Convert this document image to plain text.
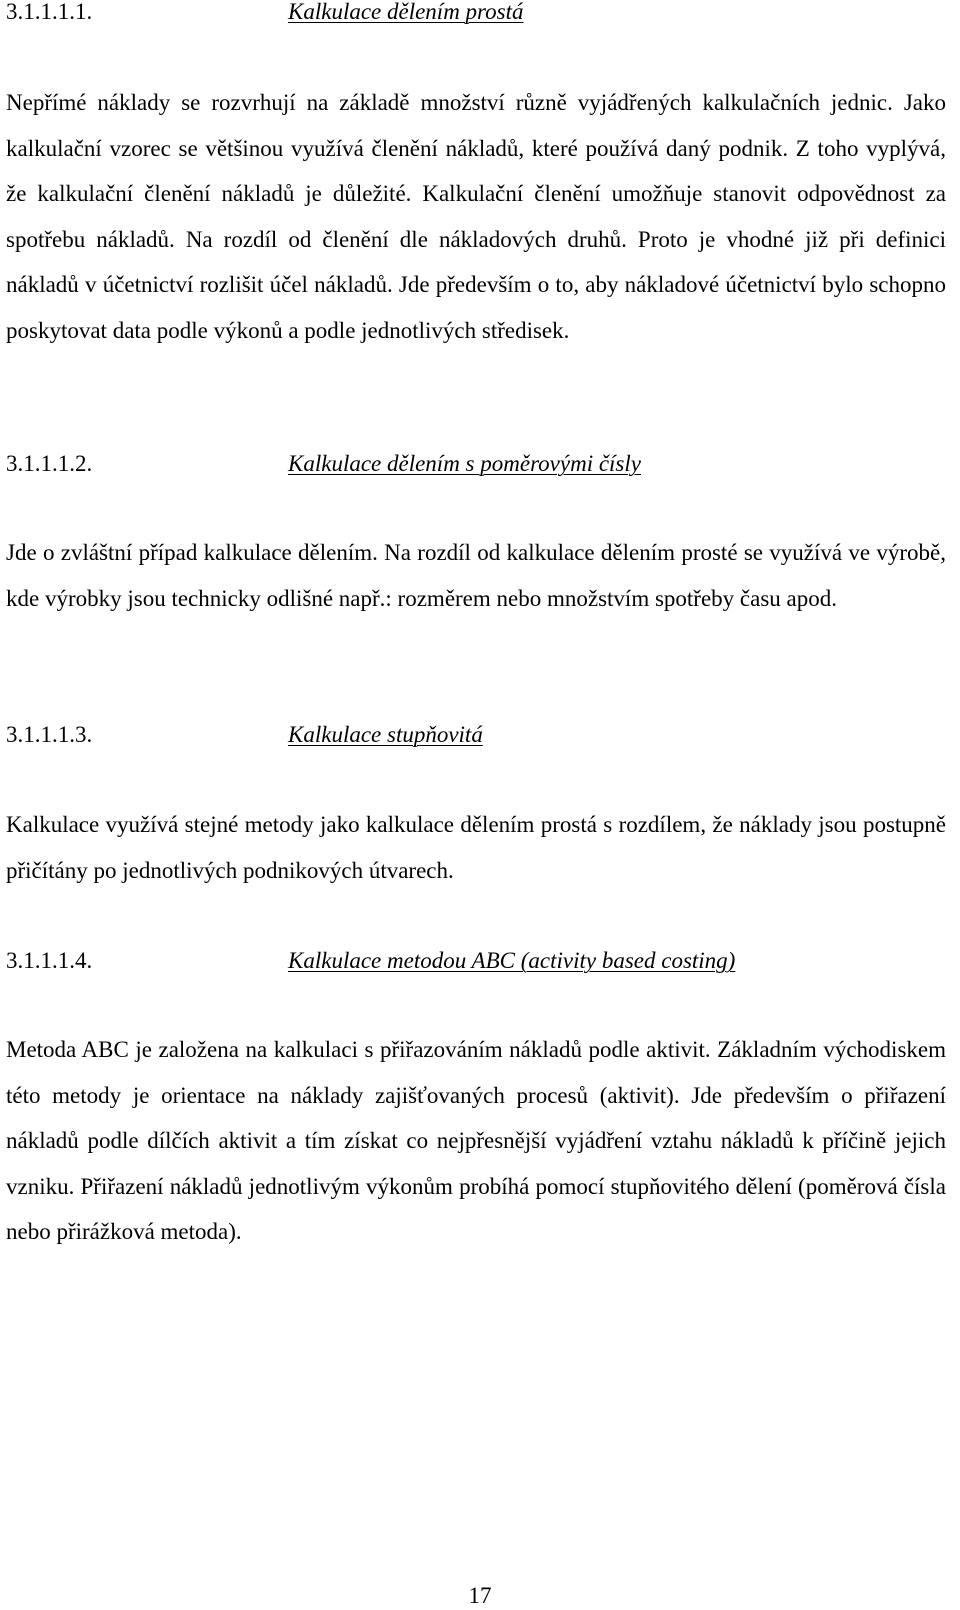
3.1.1.1.1.	Kalkulace dělením prostá

Nepřímé náklady se rozvrhují na základě množství různě vyjádřených kalkulačních jednic. Jako kalkulační vzorec se většinou využívá členění nákladů, které používá daný podnik. Z toho vyplývá, že kalkulační členění nákladů je důležité. Kalkulační členění umožňuje stanovit odpovědnost za spotřebu nákladů. Na rozdíl od členění dle nákladových druhů. Proto je vhodné již při definici nákladů v účetnictví rozlišit účel nákladů. Jde především o to, aby nákladové účetnictví bylo schopno poskytovat data podle výkonů a podle jednotlivých středisek.

3.1.1.1.2.	Kalkulace dělením s poměrovými čísly

Jde o zvláštní případ kalkulace dělením. Na rozdíl od kalkulace dělením prosté se využívá ve výrobě, kde výrobky jsou technicky odlišné např.: rozměrem nebo množstvím spotřeby času apod.

3.1.1.1.3.	Kalkulace stupňovitá

Kalkulace využívá stejné metody jako kalkulace dělením prostá s rozdílem, že náklady jsou postupně přičítány po jednotlivých podnikových útvarech.

3.1.1.1.4.	Kalkulace metodou ABC (activity based costing)

Metoda ABC je založena na kalkulaci s přiřazováním nákladů podle aktivit. Základním východiskem této metody je orientace na náklady zajišťovaných procesů (aktivit). Jde především o přiřazení nákladů podle dílčích aktivit a tím získat co nejpřesnější vyjádření vztahu nákladů k příčině jejich vzniku. Přiřazení nákladů jednotlivým výkonům probíhá pomocí stupňovitého dělení (poměrová čísla nebo přirážková metoda).

17
